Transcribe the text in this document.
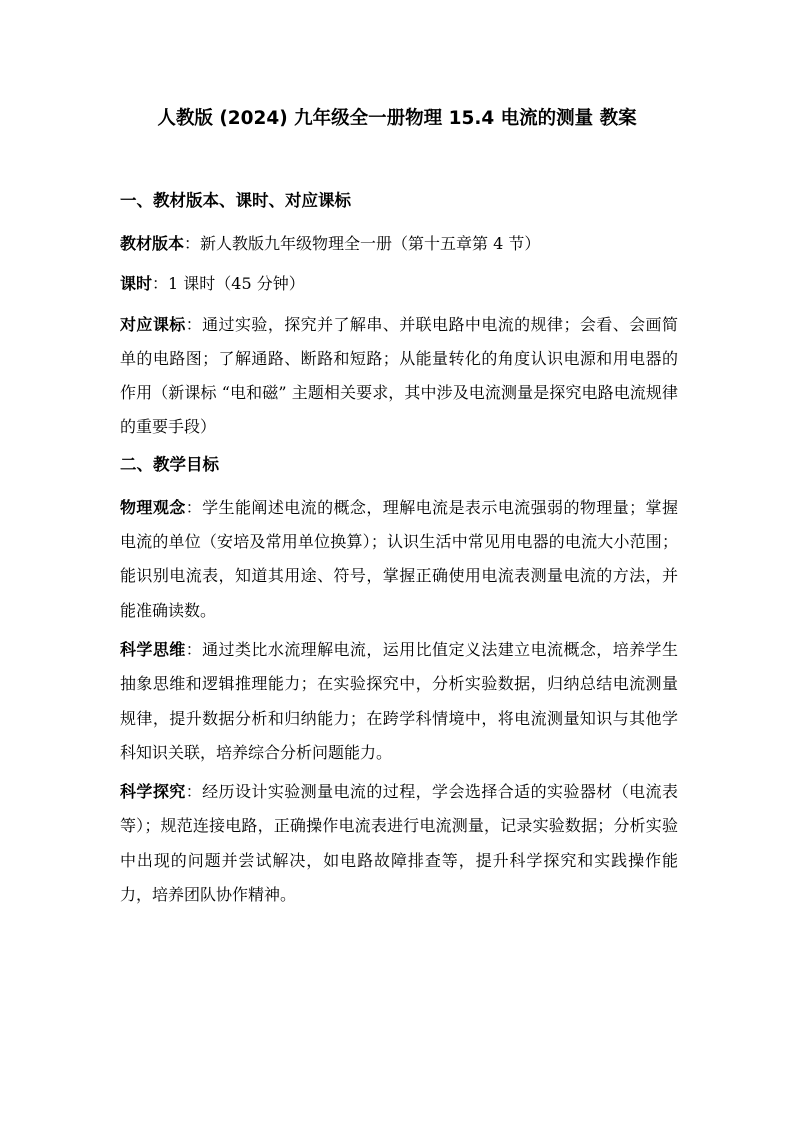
人教版 (2024) 九年级全一册物理 15.4 电流的测量 教案
一、教材版本、课时、对应课标

教材版本：新人教版九年级物理全一册（第十五章第 4 节）

课时：1 课时（45 分钟）

对应课标：通过实验，探究并了解串、并联电路中电流的规律；会看、会画简单的电路图；了解通路、断路和短路；从能量转化的角度认识电源和用电器的作用（新课标 “电和磁” 主题相关要求，其中涉及电流测量是探究电路电流规律的重要手段）

二、教学目标

物理观念：学生能阐述电流的概念，理解电流是表示电流强弱的物理量；掌握电流的单位（安培及常用单位换算）；认识生活中常见用电器的电流大小范围；能识别电流表，知道其用途、符号，掌握正确使用电流表测量电流的方法，并能准确读数。

科学思维：通过类比水流理解电流，运用比值定义法建立电流概念，培养学生抽象思维和逻辑推理能力；在实验探究中，分析实验数据，归纳总结电流测量规律，提升数据分析和归纳能力；在跨学科情境中，将电流测量知识与其他学科知识关联，培养综合分析问题能力。

科学探究：经历设计实验测量电流的过程，学会选择合适的实验器材（电流表等）；规范连接电路，正确操作电流表进行电流测量，记录实验数据；分析实验中出现的问题并尝试解决，如电路故障排查等，提升科学探究和实践操作能力，培养团队协作精神。
